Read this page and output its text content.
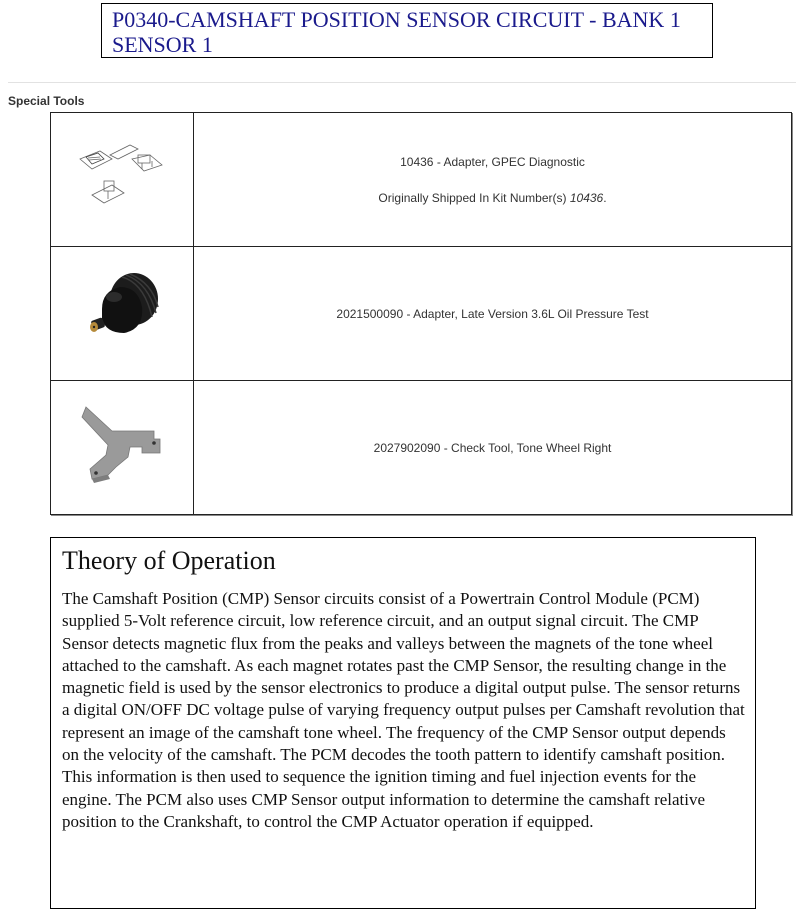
P0340-CAMSHAFT POSITION SENSOR CIRCUIT - BANK 1 SENSOR 1
Special Tools

10436 - Adapter, GPEC Diagnostic
Originally Shipped In Kit Number(s) 10436.

2021500090 - Adapter, Late Version 3.6L Oil Pressure Test

2027902090 - Check Tool, Tone Wheel Right
Theory of Operation

The Camshaft Position (CMP) Sensor circuits consist of a Powertrain Control Module (PCM) supplied 5-Volt reference circuit, low reference circuit, and an output signal circuit. The CMP Sensor detects magnetic flux from the peaks and valleys between the magnets of the tone wheel attached to the camshaft. As each magnet rotates past the CMP Sensor, the resulting change in the magnetic field is used by the sensor electronics to produce a digital output pulse. The sensor returns a digital ON/OFF DC voltage pulse of varying frequency output pulses per Camshaft revolution that represent an image of the camshaft tone wheel. The frequency of the CMP Sensor output depends on the velocity of the camshaft. The PCM decodes the tooth pattern to identify camshaft position. This information is then used to sequence the ignition timing and fuel injection events for the engine. The PCM also uses CMP Sensor output information to determine the camshaft relative position to the Crankshaft, to control the CMP Actuator operation if equipped.
